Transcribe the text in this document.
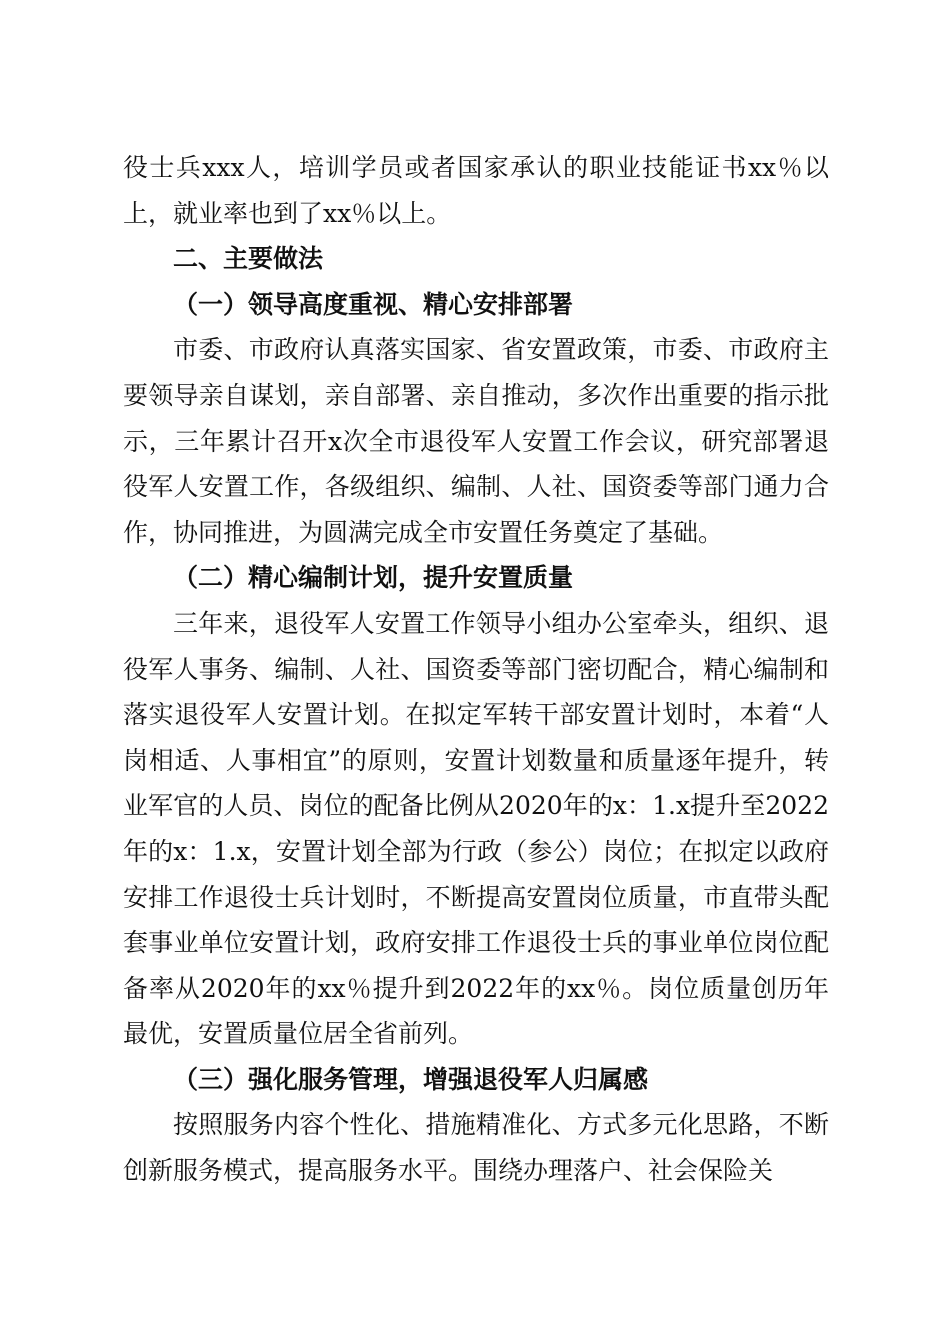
役士兵xxx人，培训学员或者国家承认的职业技能证书xx％以上，就业率也到了xx％以上。

二、主要做法

（一）领导高度重视、精心安排部署

市委、市政府认真落实国家、省安置政策，市委、市政府主要领导亲自谋划，亲自部署、亲自推动，多次作出重要的指示批示，三年累计召开x次全市退役军人安置工作会议，研究部署退役军人安置工作，各级组织、编制、人社、国资委等部门通力合作，协同推进，为圆满完成全市安置任务奠定了基础。

（二）精心编制计划，提升安置质量

三年来，退役军人安置工作领导小组办公室牵头，组织、退役军人事务、编制、人社、国资委等部门密切配合，精心编制和落实退役军人安置计划。在拟定军转干部安置计划时，本着“人岗相适、人事相宜”的原则，安置计划数量和质量逐年提升，转业军官的人员、岗位的配备比例从2020年的x：1.x提升至2022年的x：1.x，安置计划全部为行政（参公）岗位；在拟定以政府安排工作退役士兵计划时，不断提高安置岗位质量，市直带头配套事业单位安置计划，政府安排工作退役士兵的事业单位岗位配备率从2020年的xx％提升到2022年的xx％。岗位质量创历年最优，安置质量位居全省前列。

（三）强化服务管理，增强退役军人归属感

按照服务内容个性化、措施精准化、方式多元化思路，不断创新服务模式，提高服务水平。围绕办理落户、社会保险关
